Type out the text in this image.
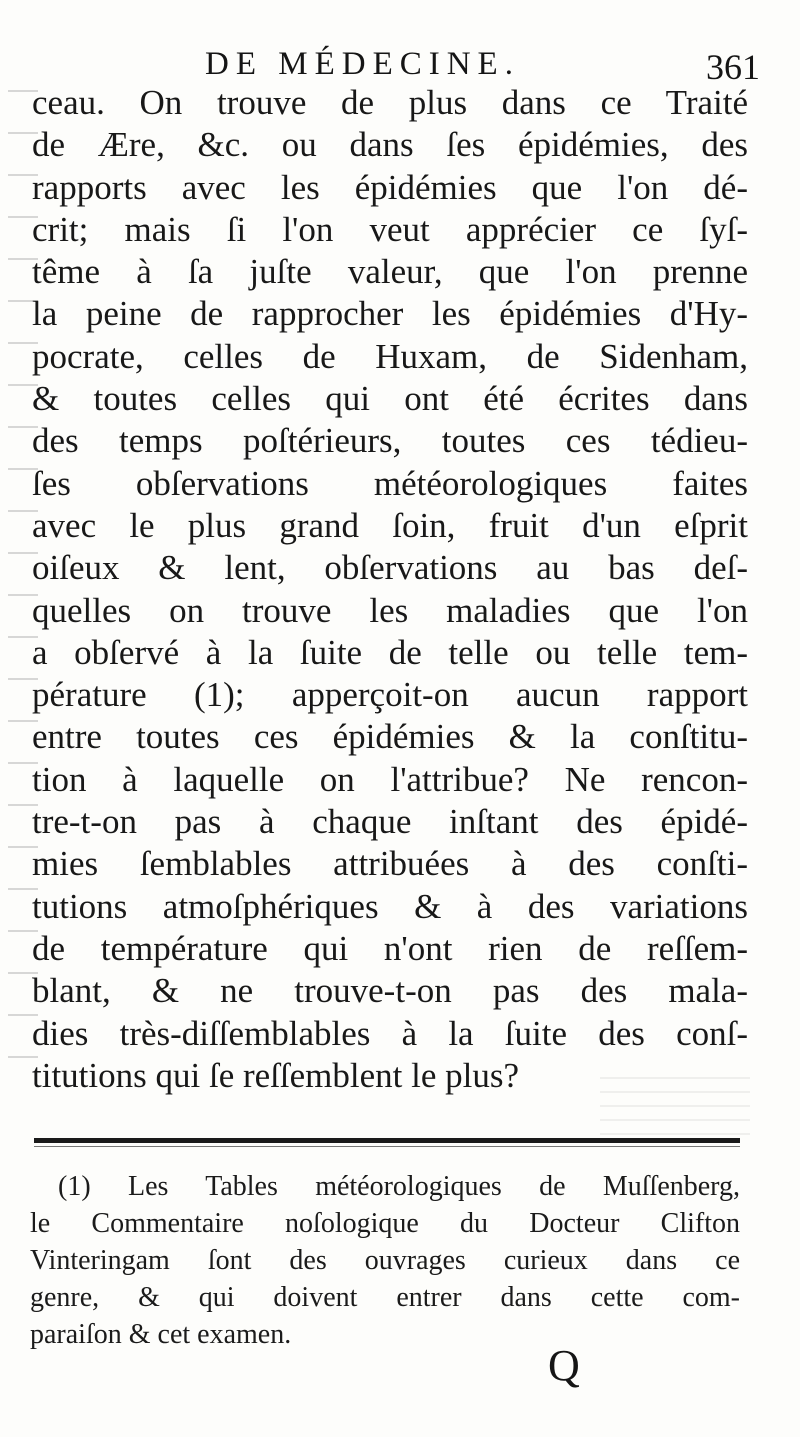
DE MÉDECINE.	361
ceau. On trouve de plus dans ce Traité
de Ære, &c. ou dans ſes épidémies, des
rapports avec les épidémies que l'on dé-
crit; mais ſi l'on veut apprécier ce ſyſ-
tême à ſa juſte valeur, que l'on prenne
la peine de rapprocher les épidémies d'Hy-
pocrate, celles de Huxam, de Sidenham,
& toutes celles qui ont été écrites dans
des temps poſtérieurs, toutes ces tédieu-
ſes obſervations météorologiques faites
avec le plus grand ſoin, fruit d'un eſprit
oiſeux & lent, obſervations au bas deſ-
quelles on trouve les maladies que l'on
a obſervé à la ſuite de telle ou telle tem-
pérature (1); apperçoit-on aucun rapport
entre toutes ces épidémies & la conſtitu-
tion à laquelle on l'attribue? Ne rencon-
tre-t-on pas à chaque inſtant des épidé-
mies ſemblables attribuées à des conſti-
tutions atmoſphériques & à des variations
de température qui n'ont rien de reſſem-
blant, & ne trouve-t-on pas des mala-
dies très-diſſemblables à la ſuite des conſ-
titutions qui ſe reſſemblent le plus?
(1) Les Tables météorologiques de Muſſenberg,
le Commentaire noſologique du Docteur Clifton
Vinteringam ſont des ouvrages curieux dans ce
genre, & qui doivent entrer dans cette com-
paraiſon & cet examen.
Q
